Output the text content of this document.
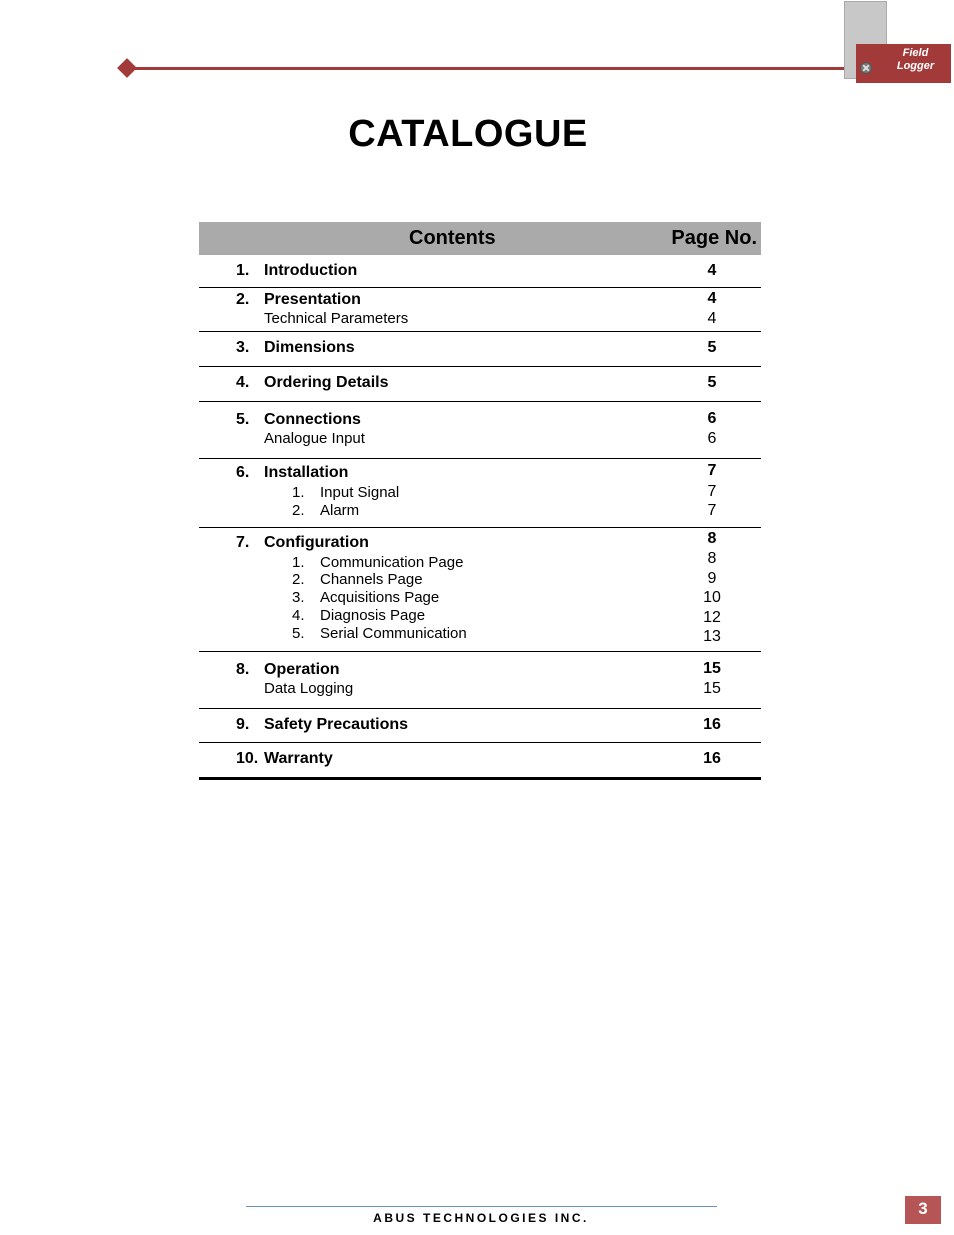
Field
Logger
CATALOGUE
Contents	Page No.
1. Introduction	4
2. Presentation	4
Technical Parameters	4
3. Dimensions	5
4. Ordering Details	5
5. Connections	6
Analogue Input	6
6. Installation	7
1. Input Signal	7
2. Alarm	7
7. Configuration	8
1. Communication Page	8
2. Channels Page	9
3. Acquisitions Page	10
4. Diagnosis Page	12
5. Serial Communication	13
8. Operation	15
Data Logging	15
9. Safety Precautions	16
10. Warranty	16
ABUS TECHNOLOGIES INC.	3
